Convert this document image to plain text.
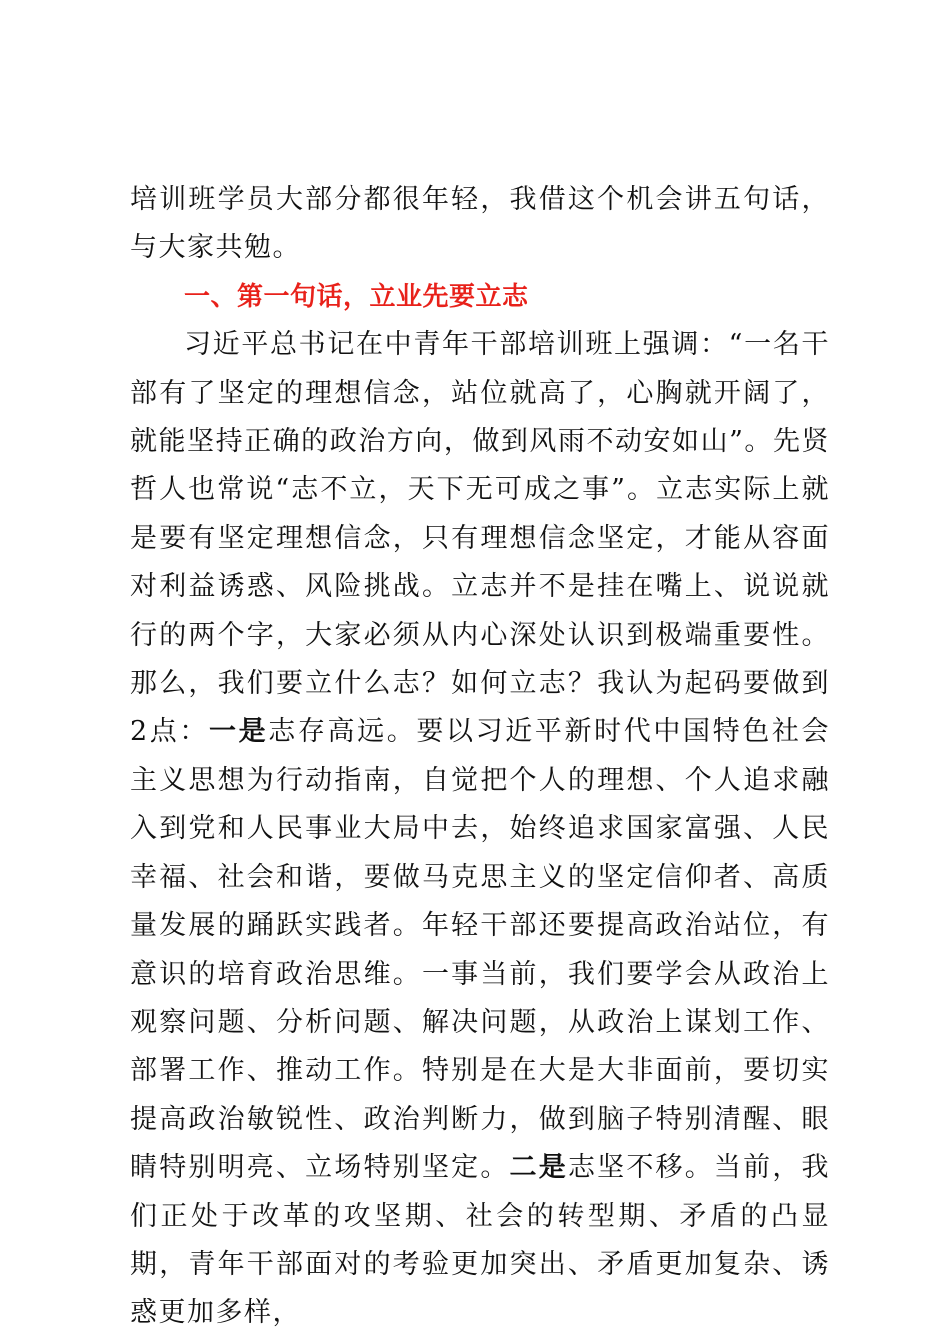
培训班学员大部分都很年轻，我借这个机会讲五句话，与大家共勉。

一、第一句话，立业先要立志

习近平总书记在中青年干部培训班上强调：“一名干部有了坚定的理想信念，站位就高了，心胸就开阔了，就能坚持正确的政治方向，做到风雨不动安如山”。先贤哲人也常说“志不立，天下无可成之事”。立志实际上就是要有坚定理想信念，只有理想信念坚定，才能从容面对利益诱惑、风险挑战。立志并不是挂在嘴上、说说就行的两个字，大家必须从内心深处认识到极端重要性。那么，我们要立什么志？如何立志？我认为起码要做到2点：一是志存高远。要以习近平新时代中国特色社会主义思想为行动指南，自觉把个人的理想、个人追求融入到党和人民事业大局中去，始终追求国家富强、人民幸福、社会和谐，要做马克思主义的坚定信仰者、高质量发展的踊跃实践者。年轻干部还要提高政治站位，有意识的培育政治思维。一事当前，我们要学会从政治上观察问题、分析问题、解决问题，从政治上谋划工作、部署工作、推动工作。特别是在大是大非面前，要切实提高政治敏锐性、政治判断力，做到脑子特别清醒、眼睛特别明亮、立场特别坚定。二是志坚不移。当前，我们正处于改革的攻坚期、社会的转型期、矛盾的凸显期，青年干部面对的考验更加突出、矛盾更加复杂、诱惑更加多样，
